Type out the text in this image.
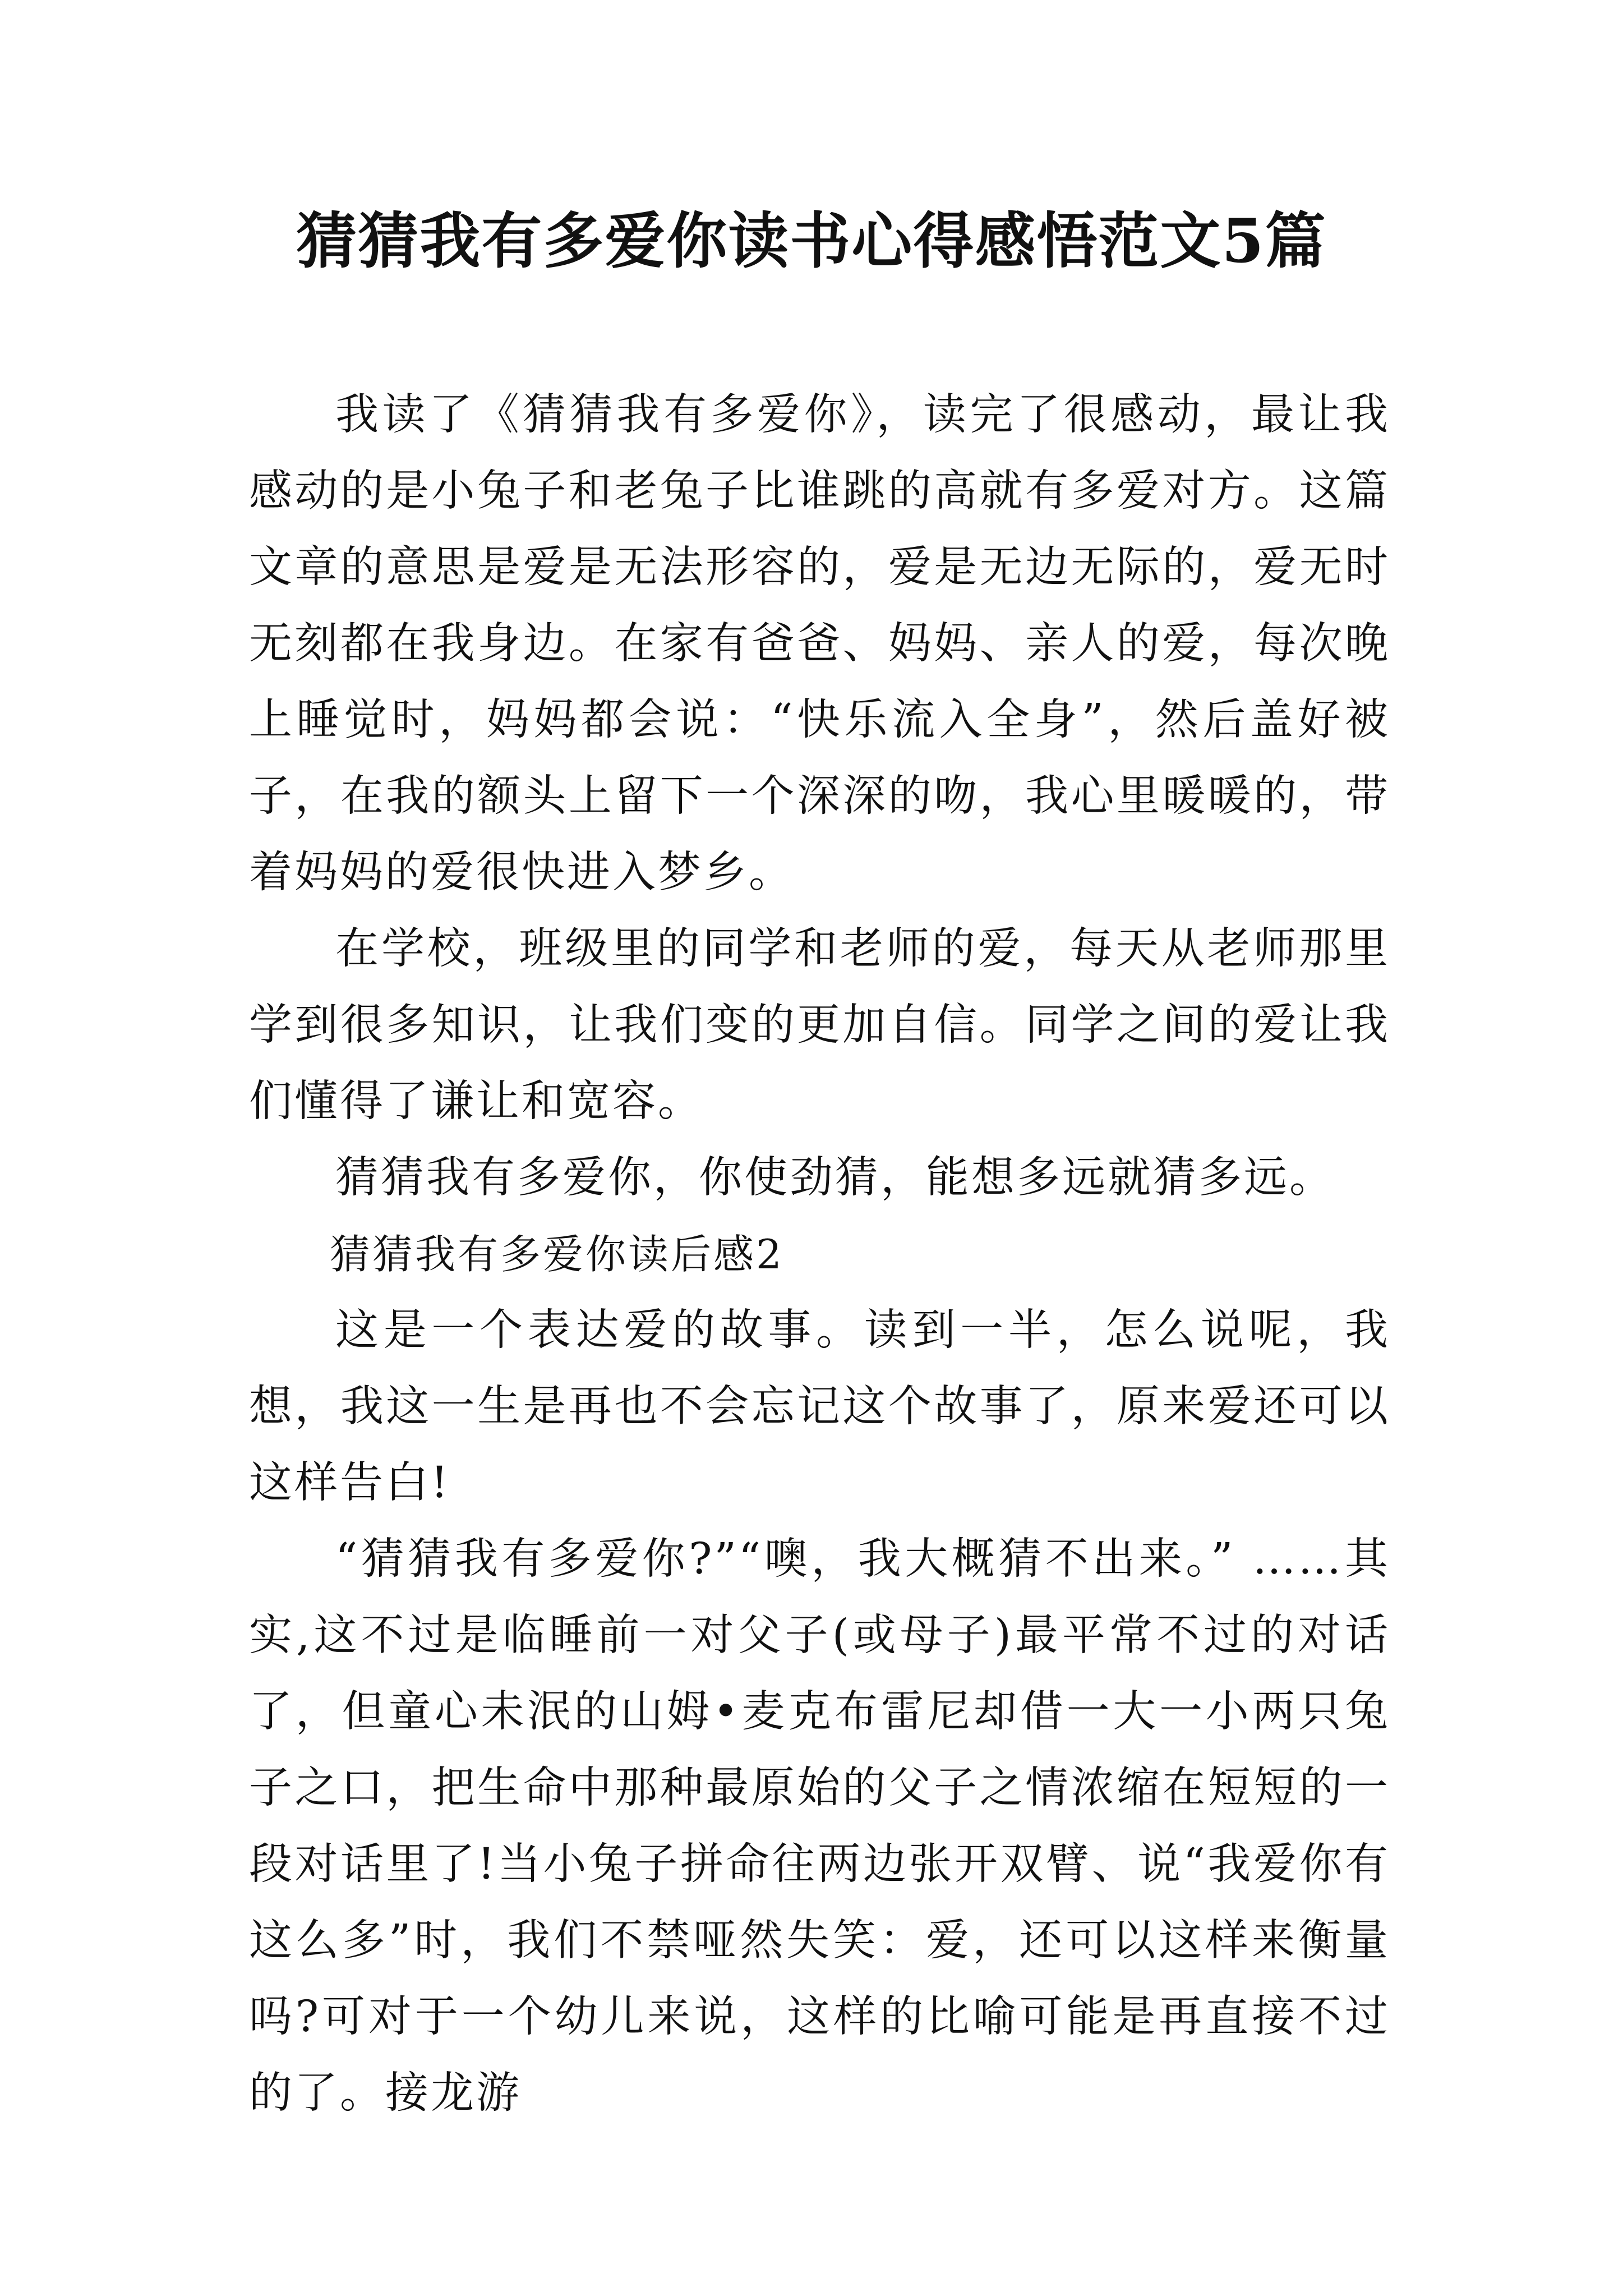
猜猜我有多爱你读书心得感悟范文5篇

我读了《猜猜我有多爱你》，读完了很感动，最让我感动的是小兔子和老兔子比谁跳的高就有多爱对方。这篇文章的意思是爱是无法形容的，爱是无边无际的，爱无时无刻都在我身边。在家有爸爸、妈妈、亲人的爱，每次晚上睡觉时，妈妈都会说：“快乐流入全身”，然后盖好被子，在我的额头上留下一个深深的吻，我心里暖暖的，带着妈妈的爱很快进入梦乡。

在学校，班级里的同学和老师的爱，每天从老师那里学到很多知识，让我们变的更加自信。同学之间的爱让我们懂得了谦让和宽容。

猜猜我有多爱你，你使劲猜，能想多远就猜多远。

猜猜我有多爱你读后感2

这是一个表达爱的故事。读到一半，怎么说呢，我想，我这一生是再也不会忘记这个故事了，原来爱还可以这样告白!

“猜猜我有多爱你?”“噢，我大概猜不出来。” ……其实,这不过是临睡前一对父子(或母子)最平常不过的对话了，但童心未泯的山姆•麦克布雷尼却借一大一小两只兔子之口，把生命中那种最原始的父子之情浓缩在短短的一段对话里了!当小兔子拼命往两边张开双臂、说“我爱你有这么多”时，我们不禁哑然失笑：爱，还可以这样来衡量吗?可对于一个幼儿来说，这样的比喻可能是再直接不过的了。接龙游
